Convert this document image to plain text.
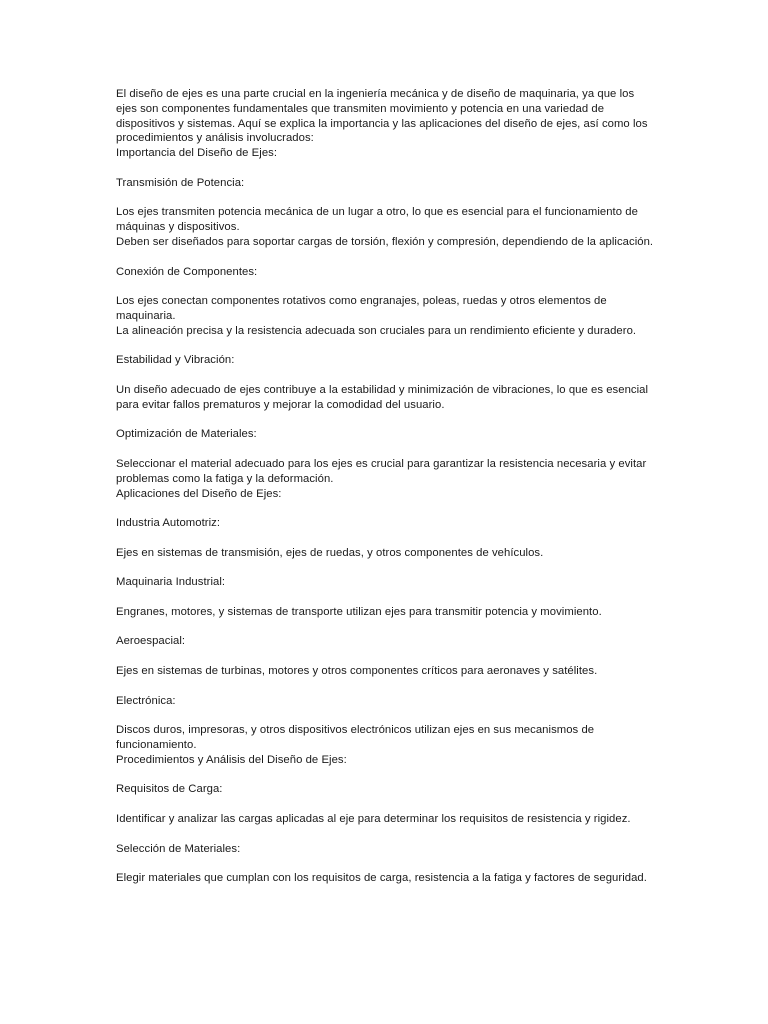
El diseño de ejes es una parte crucial en la ingeniería mecánica y de diseño de maquinaria, ya que los ejes son componentes fundamentales que transmiten movimiento y potencia en una variedad de dispositivos y sistemas. Aquí se explica la importancia y las aplicaciones del diseño de ejes, así como los procedimientos y análisis involucrados:

Importancia del Diseño de Ejes:

Transmisión de Potencia:

Los ejes transmiten potencia mecánica de un lugar a otro, lo que es esencial para el funcionamiento de máquinas y dispositivos.

Deben ser diseñados para soportar cargas de torsión, flexión y compresión, dependiendo de la aplicación.

Conexión de Componentes:

Los ejes conectan componentes rotativos como engranajes, poleas, ruedas y otros elementos de maquinaria.

La alineación precisa y la resistencia adecuada son cruciales para un rendimiento eficiente y duradero.

Estabilidad y Vibración:

Un diseño adecuado de ejes contribuye a la estabilidad y minimización de vibraciones, lo que es esencial para evitar fallos prematuros y mejorar la comodidad del usuario.

Optimización de Materiales:

Seleccionar el material adecuado para los ejes es crucial para garantizar la resistencia necesaria y evitar problemas como la fatiga y la deformación.

Aplicaciones del Diseño de Ejes:

Industria Automotriz:

Ejes en sistemas de transmisión, ejes de ruedas, y otros componentes de vehículos.

Maquinaria Industrial:

Engranes, motores, y sistemas de transporte utilizan ejes para transmitir potencia y movimiento.

Aeroespacial:

Ejes en sistemas de turbinas, motores y otros componentes críticos para aeronaves y satélites.

Electrónica:

Discos duros, impresoras, y otros dispositivos electrónicos utilizan ejes en sus mecanismos de funcionamiento.

Procedimientos y Análisis del Diseño de Ejes:

Requisitos de Carga:

Identificar y analizar las cargas aplicadas al eje para determinar los requisitos de resistencia y rigidez.

Selección de Materiales:

Elegir materiales que cumplan con los requisitos de carga, resistencia a la fatiga y factores de seguridad.
